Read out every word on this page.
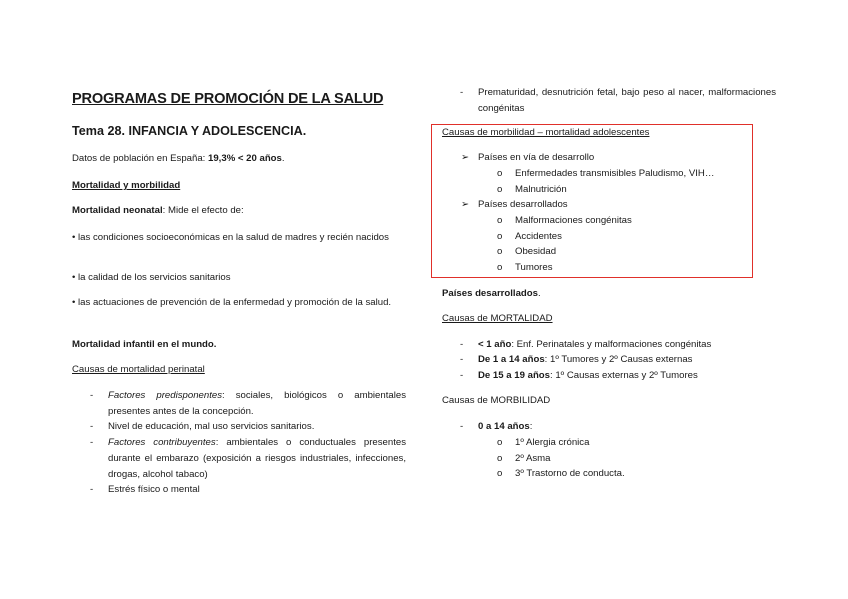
PROGRAMAS DE PROMOCIÓN DE LA SALUD
Tema 28. INFANCIA Y ADOLESCENCIA.
Datos de población en España: 19,3% < 20 años.
Mortalidad y morbilidad
Mortalidad neonatal: Mide el efecto de:
• las condiciones socioeconómicas en la salud de madres y recién nacidos
• la calidad de los servicios sanitarios
• las actuaciones de prevención de la enfermedad y promoción de la salud.
Mortalidad infantil en el mundo.
Causas de mortalidad perinatal
- Factores predisponentes: sociales, biológicos o ambientales presentes antes de la concepción.
- Nivel de educación, mal uso servicios sanitarios.
- Factores contribuyentes: ambientales o conductuales presentes durante el embarazo (exposición a riesgos industriales, infecciones, drogas, alcohol tabaco)
- Estrés físico o mental
- Prematuridad, desnutrición fetal, bajo peso al nacer, malformaciones congénitas
Causas de morbilidad – mortalidad adolescentes
➢ Países en vía de desarrollo
o Enfermedades transmisibles Paludismo, VIH…
o Malnutrición
➢ Países desarrollados
o Malformaciones congénitas
o Accidentes
o Obesidad
o Tumores
Países desarrollados.
Causas de MORTALIDAD
- < 1 año: Enf. Perinatales y malformaciones congénitas
- De 1 a 14 años: 1º Tumores y 2º Causas externas
- De 15 a 19 años: 1º Causas externas y 2º Tumores
Causas de MORBILIDAD
- 0 a 14 años:
o 1º Alergia crónica
o 2º Asma
o 3º Trastorno de conducta.
